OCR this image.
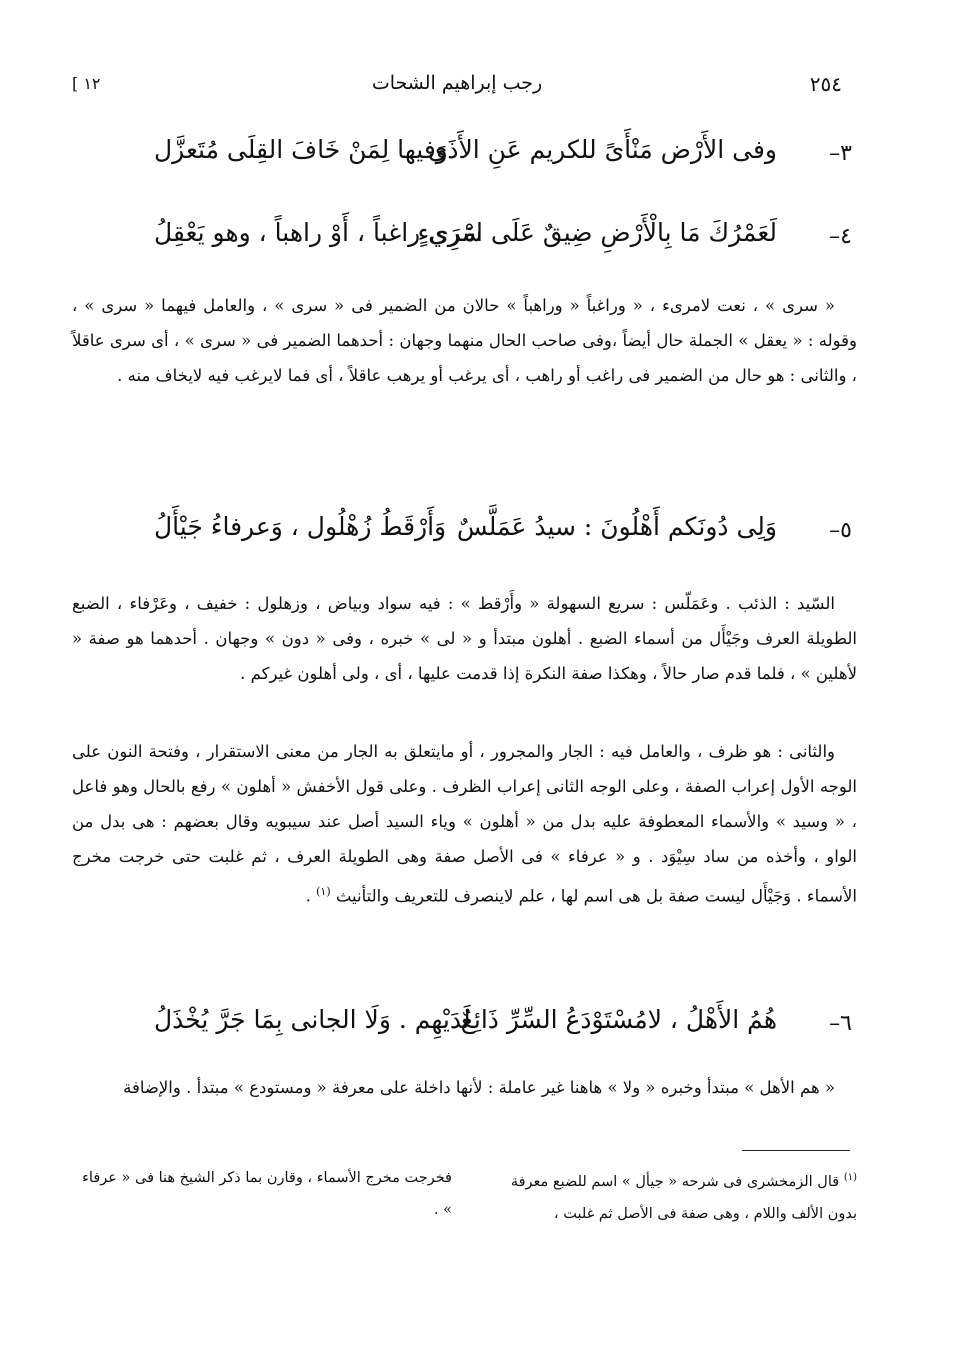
٢٥٤
رجب إبراهيم الشحات
[ ١٢
٣–
وفى الأَرْض مَنْأَىً للكريم عَنِ الأَذَى
وَفيها لِمَنْ خَافَ القِلَى مُتَعزَّل
٤–
لَعَمْرُكَ مَا بِالْأَرْضِ ضِيقٌ عَلَى امْرِيءٍ
سَرَى راغباً ، أَوْ راهباً ، وهو يَعْقِلُ

« سرى » ، نعت لامرىء ، « وراغباً « وراهباً » حالان من الضمير فى « سرى » ، والعامل فيهما « سرى » ، وقوله : « يعقل » الجملة حال أيضاً ،وفى صاحب الحال منهما وجهان : أحدهما الضمير فى « سرى » ، أى سرى عاقلاً ، والثانى : هو حال من الضمير فى راغب أو راهب ، أى يرغب أو يرهب عاقلاً ، أى فما لايرغب فيه لايخاف منه .

٥–
وَلِى دُونَكم أَهْلُونَ : سيدُ عَمَلَّسٌ
وَأَرْقَطُ زُهْلُول ، وَعرفاءُ جَيْأَلُ

السّيد : الذئب . وعَمَلّس : سريع السهولة « وأَرْقط » : فيه سواد وبياض ، وزهلول : خفيف ، وعَرْفاء ، الضبع الطويلة العرف وجَيْأَل من أسماء الضبع . أهلون مبتدأ و « لى » خبره ، وفى « دون » وجهان . أحدهما هو صفة « لأهلين » ، فلما قدم صار حالاً ، وهكذا صفة النكرة إذا قدمت عليها ، أى ، ولى أهلون غيركم .

والثانى : هو ظرف ، والعامل فيه : الجار والمجرور ، أو مايتعلق به الجار من معنى الاستقرار ، وفتحة النون على الوجه الأول إعراب الصفة ، وعلى الوجه الثانى إعراب الظرف . وعلى قول الأخفش « أهلون » رفع بالحال وهو فاعل ، « وسيد » والأسماء المعطوفة عليه بدل من « أهلون » وياء السيد أصل عند سيبويه وقال بعضهم : هى بدل من الواو ، وأخذه من ساد سِيْوَد . و « عرفاء » فى الأصل صفة وهى الطويلة العرف ، ثم غلبت حتى خرجت مخرج الأسماء . وَجَيْأَل ليست صفة بل هى اسم لها ، علم لاينصرف للتعريف والتأنيث $^{(١)}$ .

٦–
هُمُ الأَهْلُ ، لامُسْتَوْدَعُ السِّرِّ ذَائِعٌ
لَدَيْهِم . وَلَا الجانى بِمَا جَرَّ يُخْذَلُ

« هم الأهل » مبتدأ وخبره « ولا » هاهنا غير عاملة : لأنها داخلة على معرفة « ومستودع » مبتدأ . والإضافة

$^{(١)}$ قال الزمخشرى فى شرحه « جيأل » اسم للضبع معرفة بدون الألف واللام ، وهى صفة فى الأصل ثم غلبت ،
فخرجت مخرج الأسماء ، وقارن بما ذكر الشيخ هنا فى « عرفاء » .
